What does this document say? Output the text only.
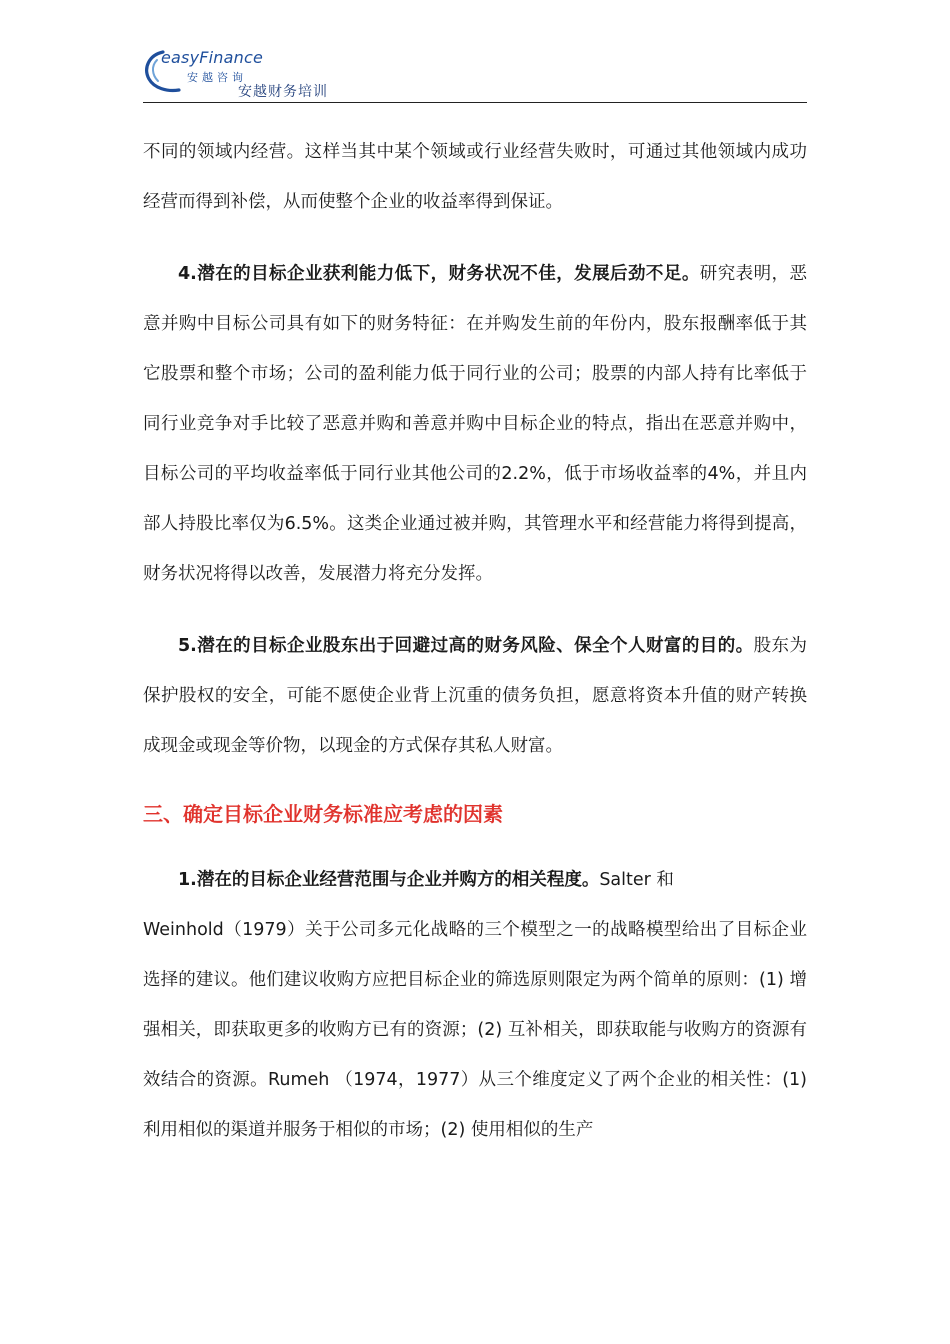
easyFinance
安越咨询
安越财务培训

不同的领域内经营。这样当其中某个领域或行业经营失败时，可通过其他领域内成功经营而得到补偿，从而使整个企业的收益率得到保证。

4.潜在的目标企业获利能力低下，财务状况不佳，发展后劲不足。研究表明，恶意并购中目标公司具有如下的财务特征：在并购发生前的年份内，股东报酬率低于其它股票和整个市场；公司的盈利能力低于同行业的公司；股票的内部人持有比率低于同行业竞争对手比较了恶意并购和善意并购中目标企业的特点，指出在恶意并购中，目标公司的平均收益率低于同行业其他公司的2.2%，低于市场收益率的4%，并且内部人持股比率仅为6.5%。这类企业通过被并购，其管理水平和经营能力将得到提高，财务状况将得以改善，发展潜力将充分发挥。

5.潜在的目标企业股东出于回避过高的财务风险、保全个人财富的目的。股东为保护股权的安全，可能不愿使企业背上沉重的债务负担，愿意将资本升值的财产转换成现金或现金等价物，以现金的方式保存其私人财富。

三、确定目标企业财务标准应考虑的因素

1.潜在的目标企业经营范围与企业并购方的相关程度。Salter 和

Weinhold（1979）关于公司多元化战略的三个模型之一的战略模型给出了目标企业选择的建议。他们建议收购方应把目标企业的筛选原则限定为两个简单的原则：(1) 增强相关，即获取更多的收购方已有的资源；(2) 互补相关，即获取能与收购方的资源有效结合的资源。Rumeh （1974，1977）从三个维度定义了两个企业的相关性：(1) 利用相似的渠道并服务于相似的市场；(2) 使用相似的生产
